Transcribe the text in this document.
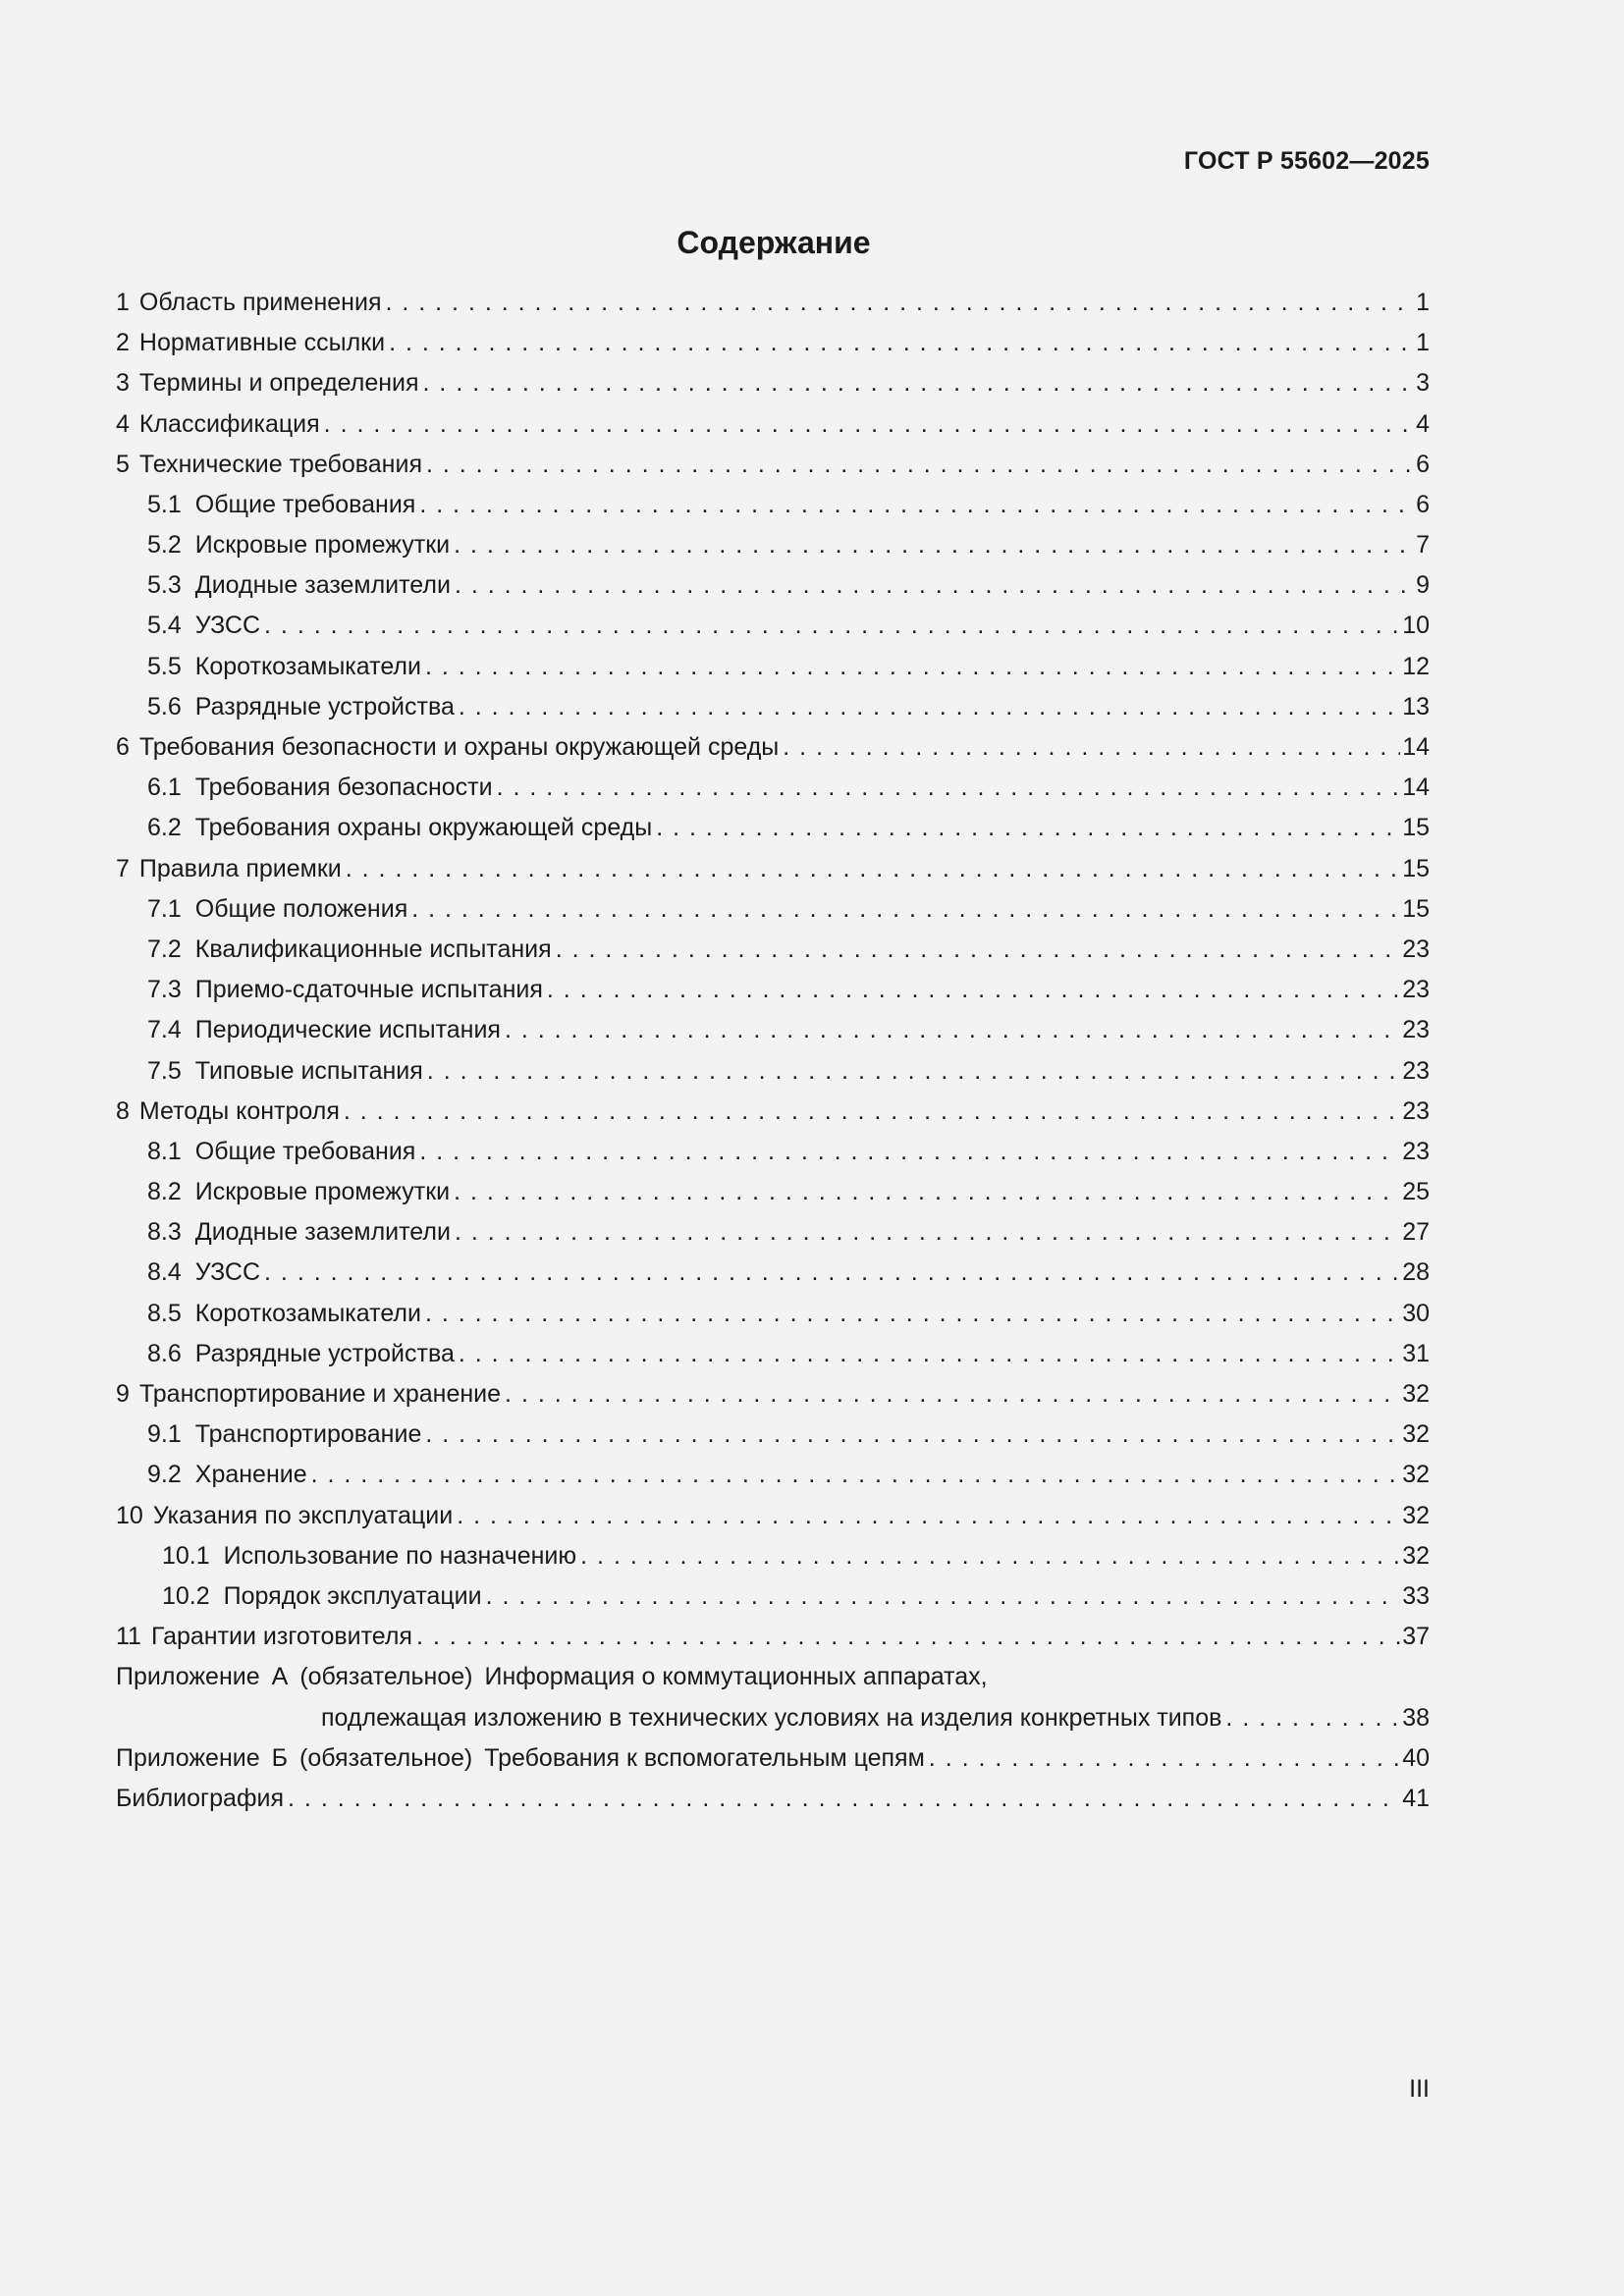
ГОСТ Р 55602—2025
Содержание
1 Область применения . . .	1
2 Нормативные ссылки . . .	1
3 Термины и определения . . .	3
4 Классификация . . .	4
5 Технические требования . . .	6
5.1 Общие требования . . .	6
5.2 Искровые промежутки . . .	7
5.3 Диодные заземлители . . .	9
5.4 УЗСС . . .	10
5.5 Короткозамыкатели . . .	12
5.6 Разрядные устройства . . .	13
6 Требования безопасности и охраны окружающей среды . . .	14
6.1 Требования безопасности . . .	14
6.2 Требования охраны окружающей среды . . .	15
7 Правила приемки . . .	15
7.1 Общие положения . . .	15
7.2 Квалификационные испытания . . .	23
7.3 Приемо-сдаточные испытания . . .	23
7.4 Периодические испытания . . .	23
7.5 Типовые испытания . . .	23
8 Методы контроля . . .	23
8.1 Общие требования . . .	23
8.2 Искровые промежутки . . .	25
8.3 Диодные заземлители . . .	27
8.4 УЗСС . . .	28
8.5 Короткозамыкатели . . .	30
8.6 Разрядные устройства . . .	31
9 Транспортирование и хранение . . .	32
9.1 Транспортирование . . .	32
9.2 Хранение . . .	32
10 Указания по эксплуатации . . .	32
10.1 Использование по назначению . . .	32
10.2 Порядок эксплуатации . . .	33
11 Гарантии изготовителя . . .	37
Приложение А (обязательное) Информация о коммутационных аппаратах,
подлежащая изложению в технических условиях на изделия конкретных типов . . .	38
Приложение Б (обязательное) Требования к вспомогательным цепям . . .	40
Библиография . . .	41
III
